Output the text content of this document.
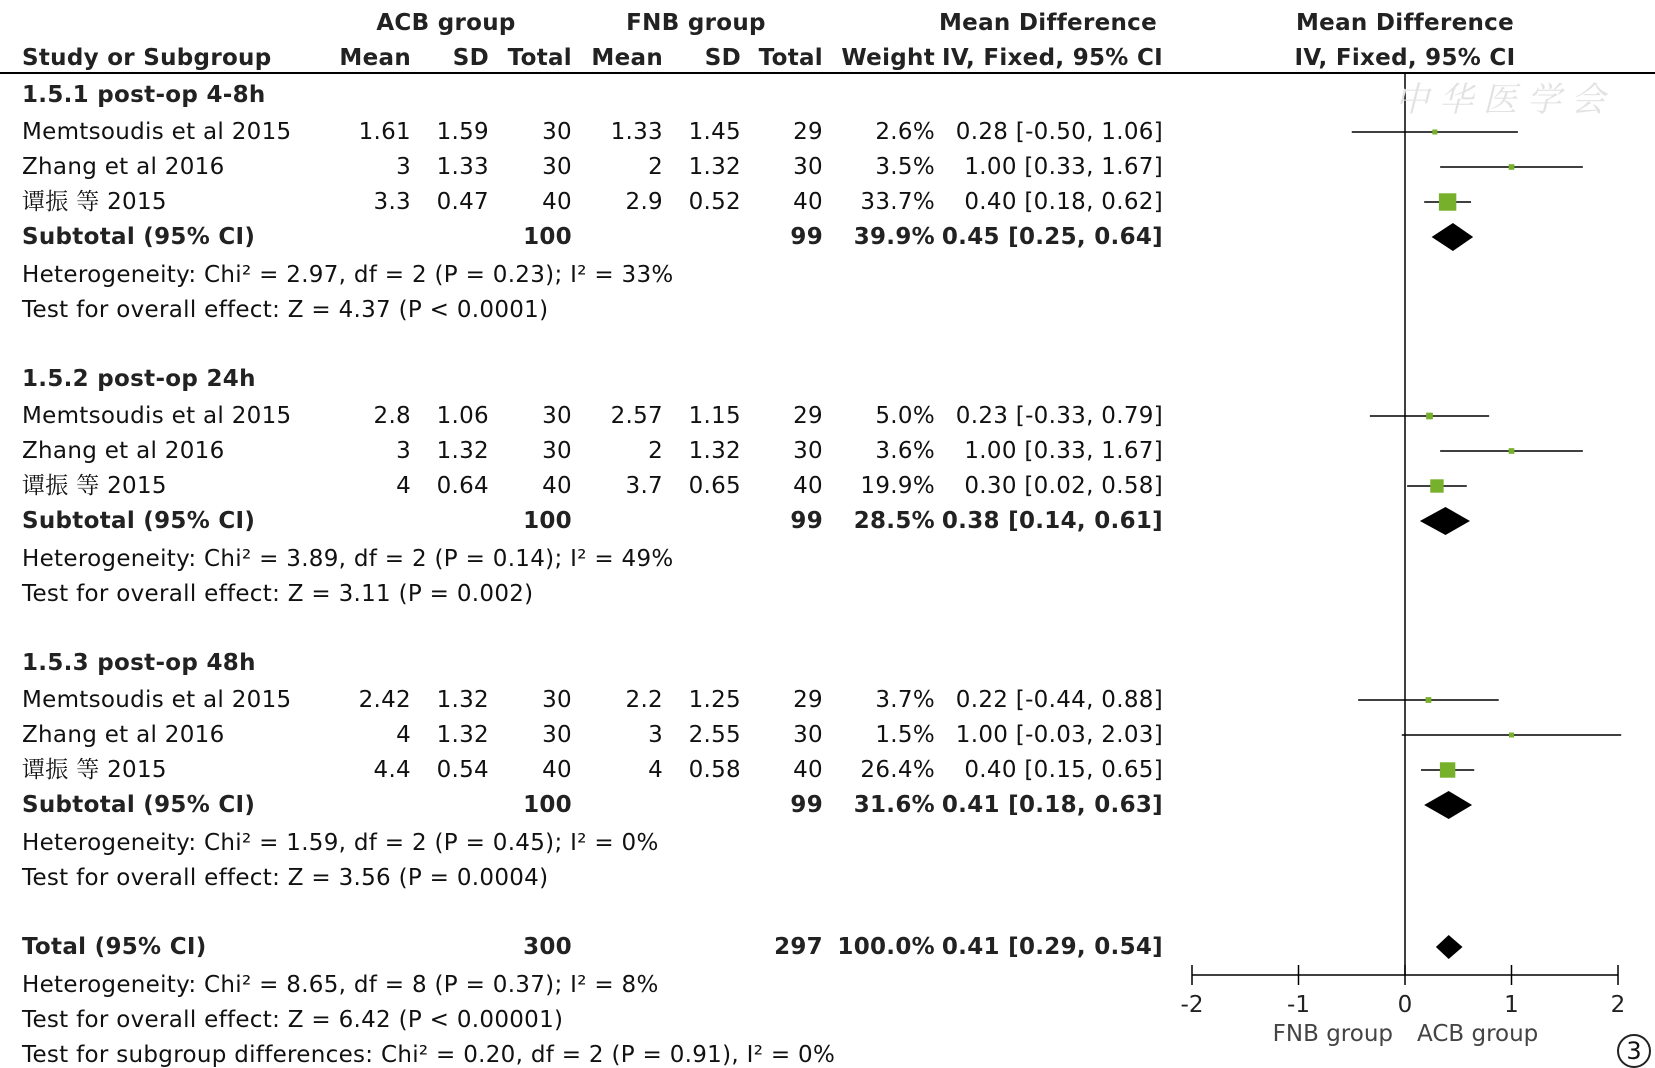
-2	-1	0	1	2
FNB group ACB group
中华医学会
3
ACB group	FNB group	Mean Difference	Mean Difference
Study or Subgroup	Mean SD Total Mean SD Total Weight IV, Fixed, 95% CI	IV, Fixed, 95% CI
1.5.1 post-op 4-8h
Memtsoudis et al 2015	1.61 1.59 30 1.33 1.45 29 2.6% 0.28 [-0.50, 1.06]
Zhang et al 2016	3 1.33 30	2 1.32 30 3.5% 1.00 [0.33, 1.67]
谭振 等 2015	3.3 0.47 40 2.9 0.52 40 33.7% 0.40 [0.18, 0.62]
Subtotal (95% CI)	100	99 39.9% 0.45 [0.25, 0.64]
Heterogeneity: Chi² = 2.97, df = 2 (P = 0.23); I² = 33%
Test for overall effect: Z = 4.37 (P < 0.0001)
1.5.2 post-op 24h
Memtsoudis et al 2015	2.8 1.06 30 2.57 1.15 29 5.0% 0.23 [-0.33, 0.79]
Zhang et al 2016	3 1.32 30	2 1.32 30 3.6% 1.00 [0.33, 1.67]
谭振 等 2015	4 0.64 40 3.7 0.65 40 19.9% 0.30 [0.02, 0.58]
Subtotal (95% CI)	100	99 28.5% 0.38 [0.14, 0.61]
Heterogeneity: Chi² = 3.89, df = 2 (P = 0.14); I² = 49%
Test for overall effect: Z = 3.11 (P = 0.002)
1.5.3 post-op 48h
Memtsoudis et al 2015	2.42 1.32 30 2.2 1.25 29 3.7% 0.22 [-0.44, 0.88]
Zhang et al 2016	4 1.32 30	3 2.55 30 1.5% 1.00 [-0.03, 2.03]
谭振 等 2015	4.4 0.54 40	4 0.58 40 26.4% 0.40 [0.15, 0.65]
Subtotal (95% CI)	100	99 31.6% 0.41 [0.18, 0.63]
Heterogeneity: Chi² = 1.59, df = 2 (P = 0.45); I² = 0%
Test for overall effect: Z = 3.56 (P = 0.0004)
Total (95% CI)	300	297 100.0% 0.41 [0.29, 0.54]
Heterogeneity: Chi² = 8.65, df = 8 (P = 0.37); I² = 8%
Test for overall effect: Z = 6.42 (P < 0.00001)
Test for subgroup differences: Chi² = 0.20, df = 2 (P = 0.91), I² = 0%
